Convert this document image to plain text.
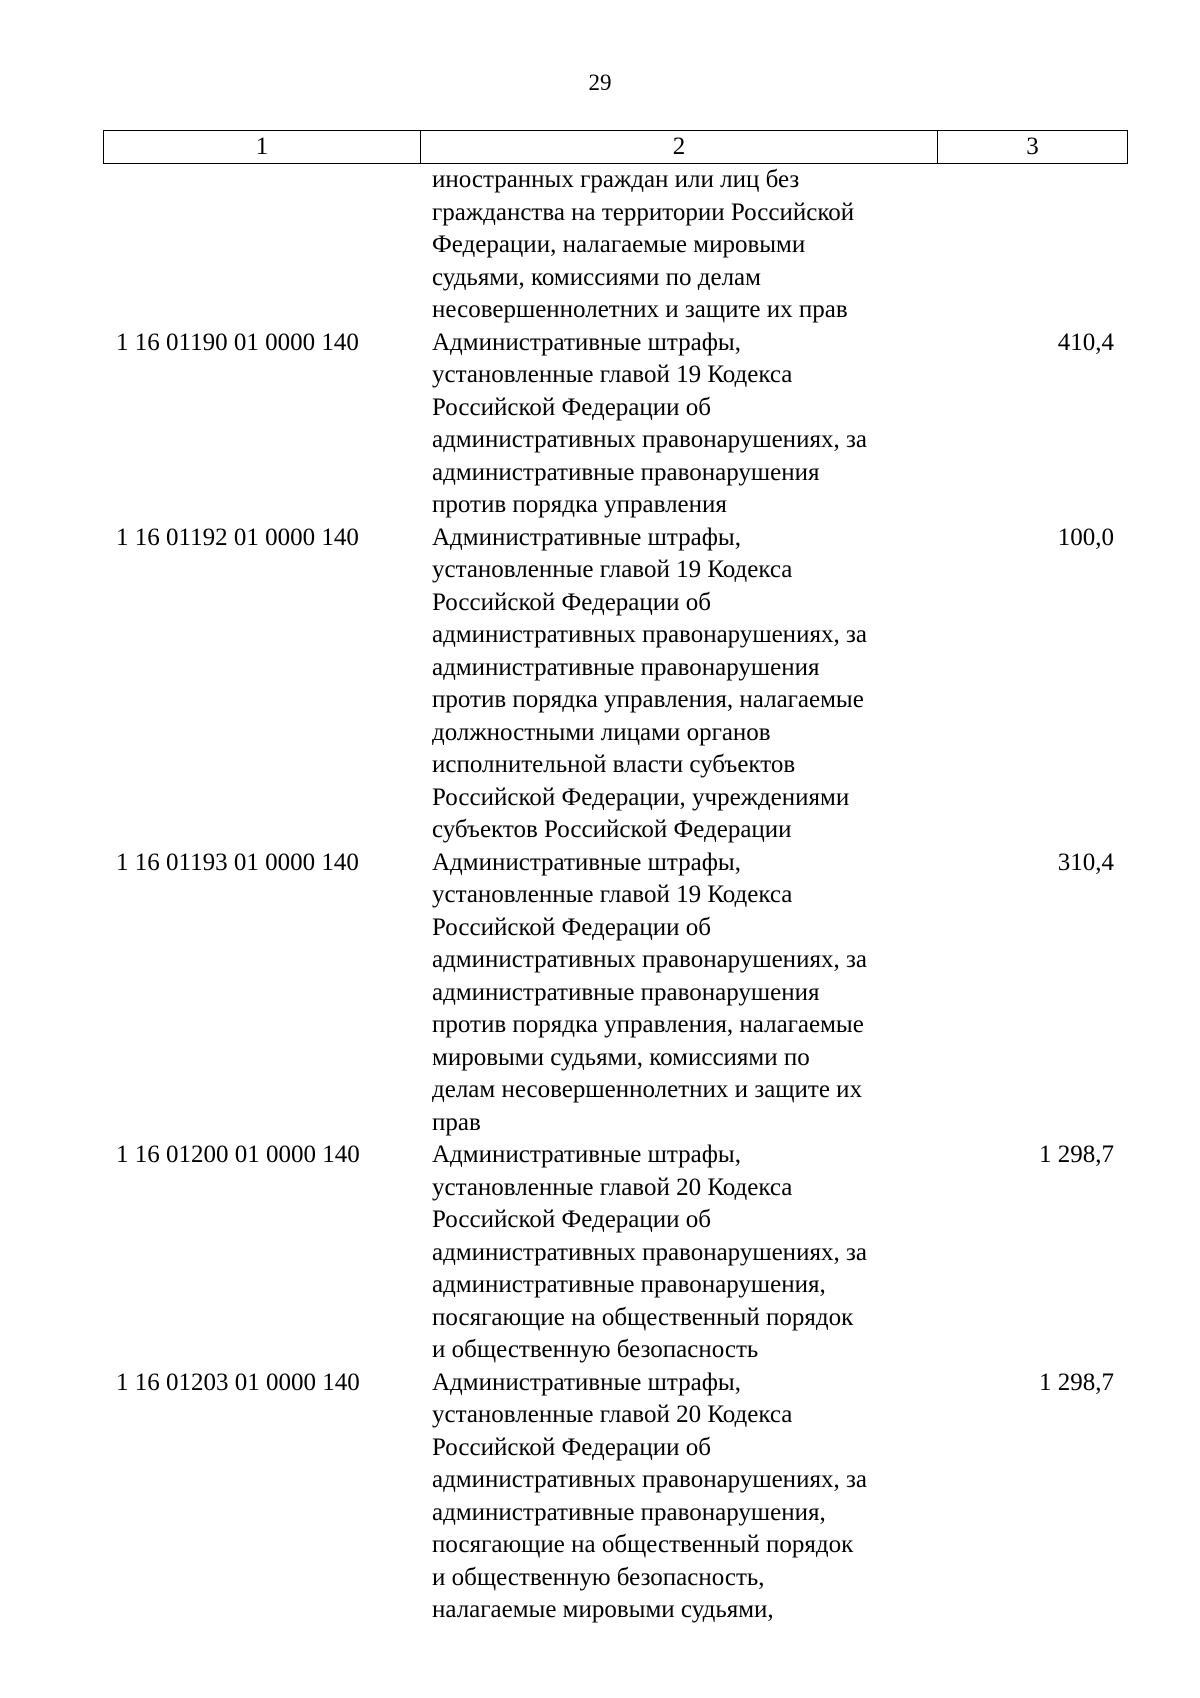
29
1	2	3
иностранных граждан или лиц без
гражданства на территории Российской
Федерации, налагаемые мировыми
судьями, комиссиями по делам
несовершеннолетних и защите их прав
1 16 01190 01 0000 140	Административные штрафы,
установленные главой 19 Кодекса
Российской Федерации об
административных правонарушениях, за
административные правонарушения
против порядка управления
410,4
1 16 01192 01 0000 140	Административные штрафы,
установленные главой 19 Кодекса
Российской Федерации об
административных правонарушениях, за
административные правонарушения
против порядка управления, налагаемые
должностными лицами органов
исполнительной власти субъектов
Российской Федерации, учреждениями
субъектов Российской Федерации
100,0
1 16 01193 01 0000 140	Административные штрафы,
установленные главой 19 Кодекса
Российской Федерации об
административных правонарушениях, за
административные правонарушения
против порядка управления, налагаемые
мировыми судьями, комиссиями по
делам несовершеннолетних и защите их
прав
310,4
1 16 01200 01 0000 140	Административные штрафы,
установленные главой 20 Кодекса
Российской Федерации об
административных правонарушениях, за
административные правонарушения,
посягающие на общественный порядок
и общественную безопасность
1 298,7
1 16 01203 01 0000 140	Административные штрафы,
установленные главой 20 Кодекса
Российской Федерации об
административных правонарушениях, за
административные правонарушения,
посягающие на общественный порядок
и общественную безопасность,
налагаемые мировыми судьями,
1 298,7
